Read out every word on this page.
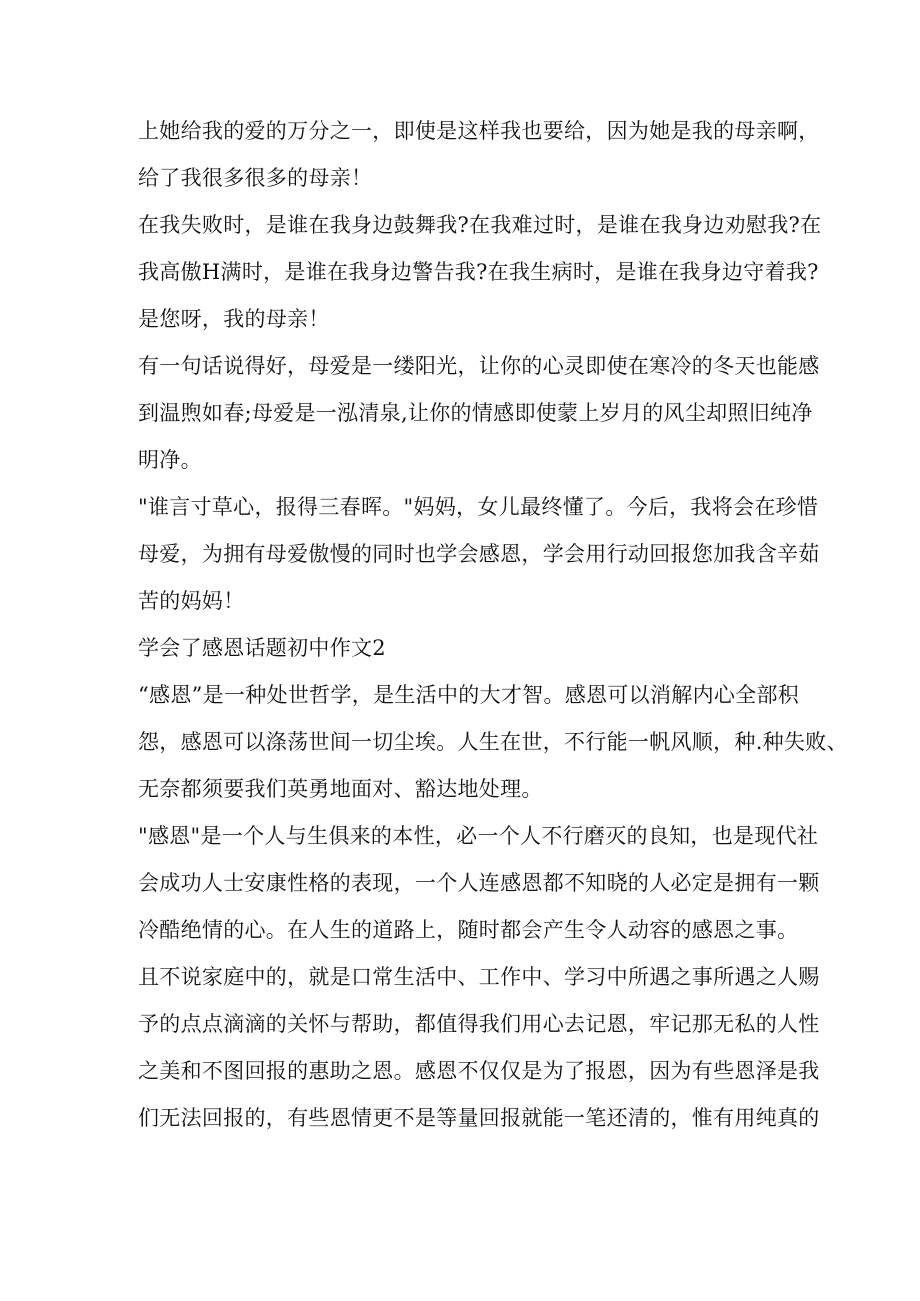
上她给我的爱的万分之一，即使是这样我也要给，因为她是我的母亲啊，
给了我很多很多的母亲！
在我失败时，是谁在我身边鼓舞我?在我难过时，是谁在我身边劝慰我?在
我高傲H满时，是谁在我身边警告我?在我生病时，是谁在我身边守着我?
是您呀，我的母亲！
有一句话说得好，母爱是一缕阳光，让你的心灵即使在寒冷的冬天也能感
到温煦如春;母爱是一泓清泉,让你的情感即使蒙上岁月的风尘却照旧纯净
明净。
"谁言寸草心，报得三春晖。"妈妈，女儿最终懂了。今后，我将会在珍惜
母爱，为拥有母爱傲慢的同时也学会感恩，学会用行动回报您加我含辛茹
苦的妈妈！
学会了感恩话题初中作文2
“感恩”是一种处世哲学，是生活中的大才智。感恩可以消解内心全部积
怨，感恩可以涤荡世间一切尘埃。人生在世，不行能一帆风顺，种.种失败、
无奈都须要我们英勇地面对、豁达地处理。
"感恩"是一个人与生俱来的本性，必一个人不行磨灭的良知，也是现代社
会成功人士安康性格的表现，一个人连感恩都不知晓的人必定是拥有一颗
冷酷绝情的心。在人生的道路上，随时都会产生令人动容的感恩之事。
且不说家庭中的，就是口常生活中、工作中、学习中所遇之事所遇之人赐
予的点点滴滴的关怀与帮助，都值得我们用心去记恩，牢记那无私的人性
之美和不图回报的惠助之恩。感恩不仅仅是为了报恩，因为有些恩泽是我
们无法回报的，有些恩情更不是等量回报就能一笔还清的，惟有用纯真的
